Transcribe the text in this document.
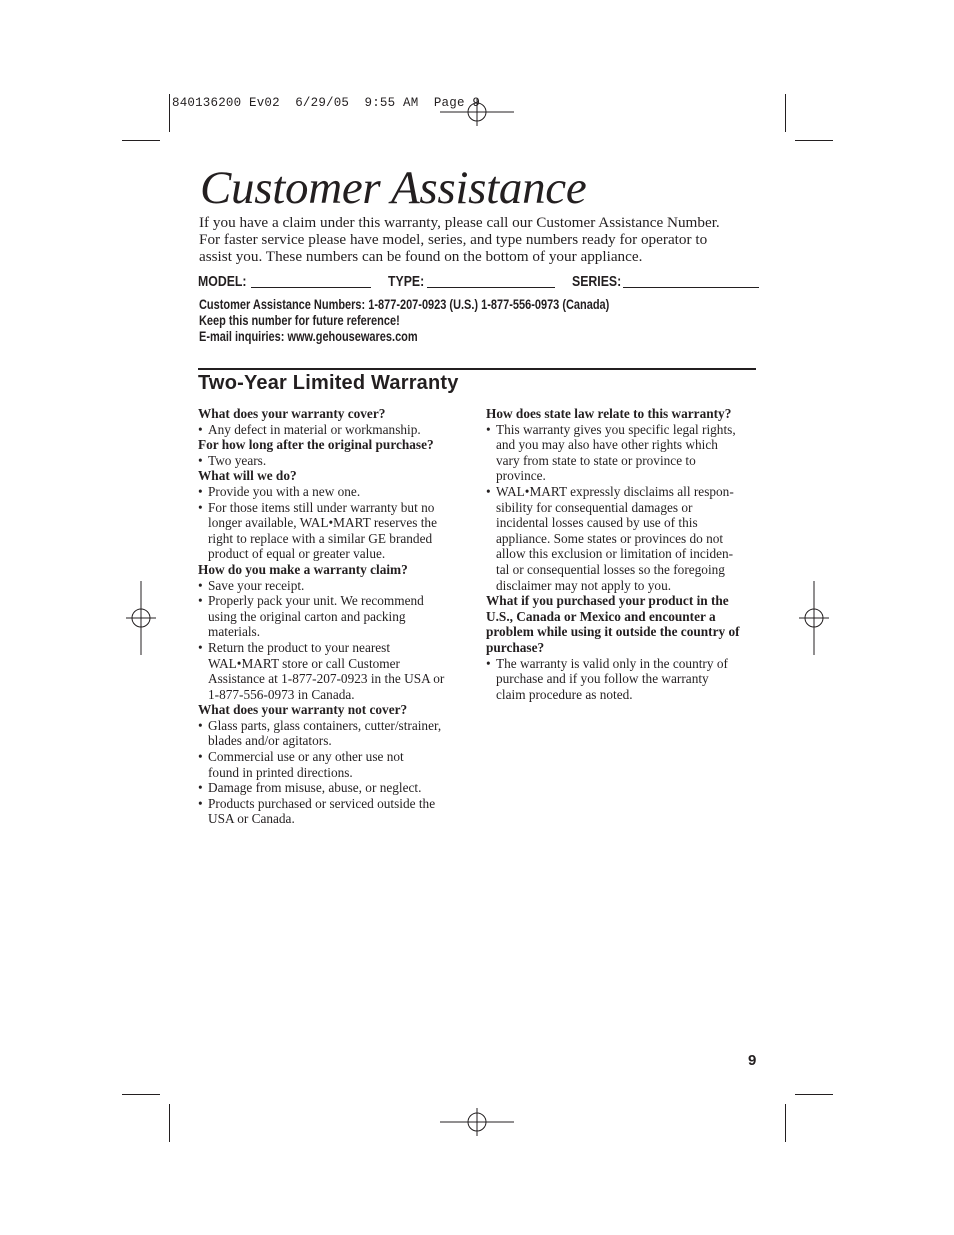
840136200 Ev02  6/29/05  9:55 AM  Page 9
Customer Assistance
If you have a claim under this warranty, please call our Customer Assistance Number.
For faster service please have model, series, and type numbers ready for operator to
assist you. These numbers can be found on the bottom of your appliance.
MODEL:	TYPE:	SERIES:
Customer Assistance Numbers: 1-877-207-0923 (U.S.) 1-877-556-0973 (Canada)
Keep this number for future reference!
E-mail inquiries: www.gehousewares.com
Two-Year Limited Warranty
What does your warranty cover?
• Any defect in material or workmanship.
For how long after the original purchase?
• Two years.
What will we do?
• Provide you with a new one.
• For those items still under warranty but no
longer available, WAL•MART reserves the
right to replace with a similar GE branded
product of equal or greater value.
How do you make a warranty claim?
• Save your receipt.
• Properly pack your unit. We recommend
using the original carton and packing
materials.
• Return the product to your nearest
WAL•MART store or call Customer
Assistance at 1-877-207-0923 in the USA or
1-877-556-0973 in Canada.
What does your warranty not cover?
• Glass parts, glass containers, cutter/strainer,
blades and/or agitators.
• Commercial use or any other use not
found in printed directions.
• Damage from misuse, abuse, or neglect.
• Products purchased or serviced outside the
USA or Canada.
How does state law relate to this warranty?
• This warranty gives you specific legal rights,
and you may also have other rights which
vary from state to state or province to
province.
• WAL•MART expressly disclaims all respon-
sibility for consequential damages or
incidental losses caused by use of this
appliance. Some states or provinces do not
allow this exclusion or limitation of inciden-
tal or consequential losses so the foregoing
disclaimer may not apply to you.
What if you purchased your product in the
U.S., Canada or Mexico and encounter a
problem while using it outside the country of
purchase?
• The warranty is valid only in the country of
purchase and if you follow the warranty
claim procedure as noted.
9
